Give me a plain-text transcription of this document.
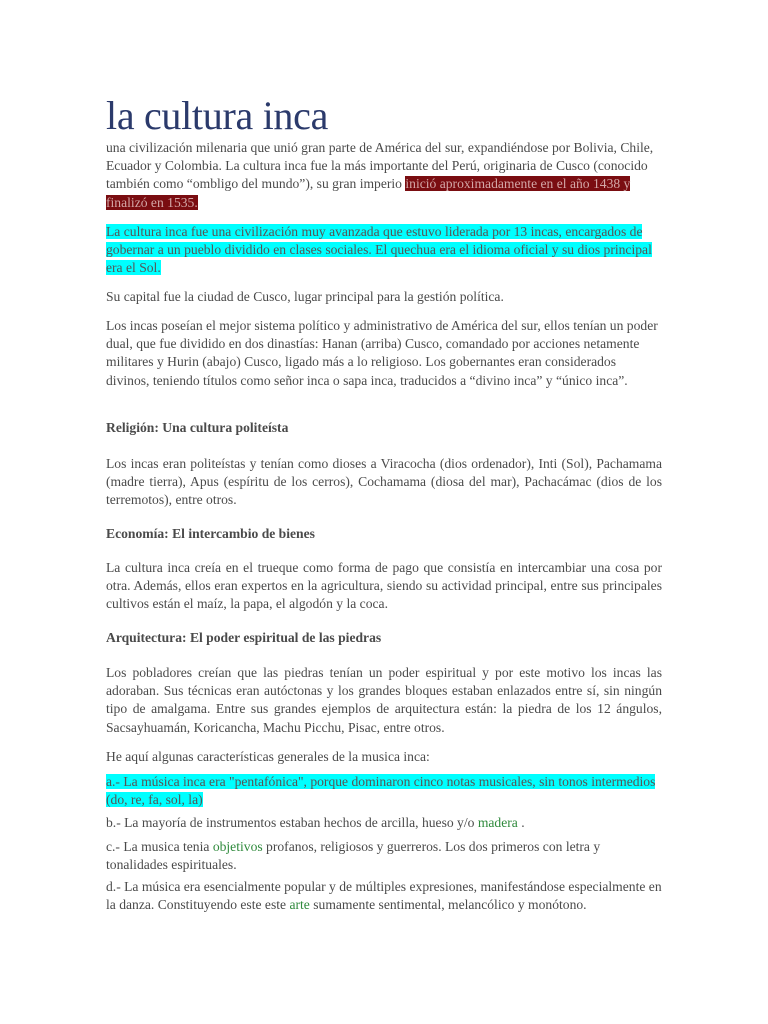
la cultura inca

una civilización milenaria que unió gran parte de América del sur, expandiéndose por Bolivia, Chile, Ecuador y Colombia. La cultura inca fue la más importante del Perú, originaria de Cusco (conocido también como “ombligo del mundo”), su gran imperio inició aproximadamente en el año 1438 y finalizó en 1535.

La cultura inca fue una civilización muy avanzada que estuvo liderada por 13 incas, encargados de gobernar a un pueblo dividido en clases sociales. El quechua era el idioma oficial y su dios principal era el Sol.

Su capital fue la ciudad de Cusco, lugar principal para la gestión política.

Los incas poseían el mejor sistema político y administrativo de América del sur, ellos tenían un poder dual, que fue dividido en dos dinastías: Hanan (arriba) Cusco, comandado por acciones netamente militares y Hurin (abajo) Cusco, ligado más a lo religioso. Los gobernantes eran considerados divinos, teniendo títulos como señor inca o sapa inca, traducidos a “divino inca” y “único inca”.

Religión: Una cultura politeísta

Los incas eran politeístas y tenían como dioses a Viracocha (dios ordenador), Inti (Sol), Pachamama (madre tierra), Apus (espíritu de los cerros), Cochamama (diosa del mar), Pachacámac (dios de los terremotos), entre otros.

Economía: El intercambio de bienes

La cultura inca creía en el trueque como forma de pago que consistía en intercambiar una cosa por otra. Además, ellos eran expertos en la agricultura, siendo su actividad principal, entre sus principales cultivos están el maíz, la papa, el algodón y la coca.

Arquitectura: El poder espiritual de las piedras

Los pobladores creían que las piedras tenían un poder espiritual y por este motivo los incas las adoraban. Sus técnicas eran autóctonas y los grandes bloques estaban enlazados entre sí, sin ningún tipo de amalgama. Entre sus grandes ejemplos de arquitectura están: la piedra de los 12 ángulos, Sacsayhuamán, Koricancha, Machu Picchu, Pisac, entre otros.

He aquí algunas características generales de la musica inca:

a.- La música inca era "pentafónica", porque dominaron cinco notas musicales, sin tonos intermedios (do, re, fa, sol, la)

b.- La mayoría de instrumentos estaban hechos de arcilla, hueso y/o madera .

c.- La musica tenia objetivos profanos, religiosos y guerreros. Los dos primeros con letra y tonalidades espirituales.

d.- La música era esencialmente popular y de múltiples expresiones, manifestándose especialmente en la danza. Constituyendo este este arte sumamente sentimental, melancólico y monótono.
